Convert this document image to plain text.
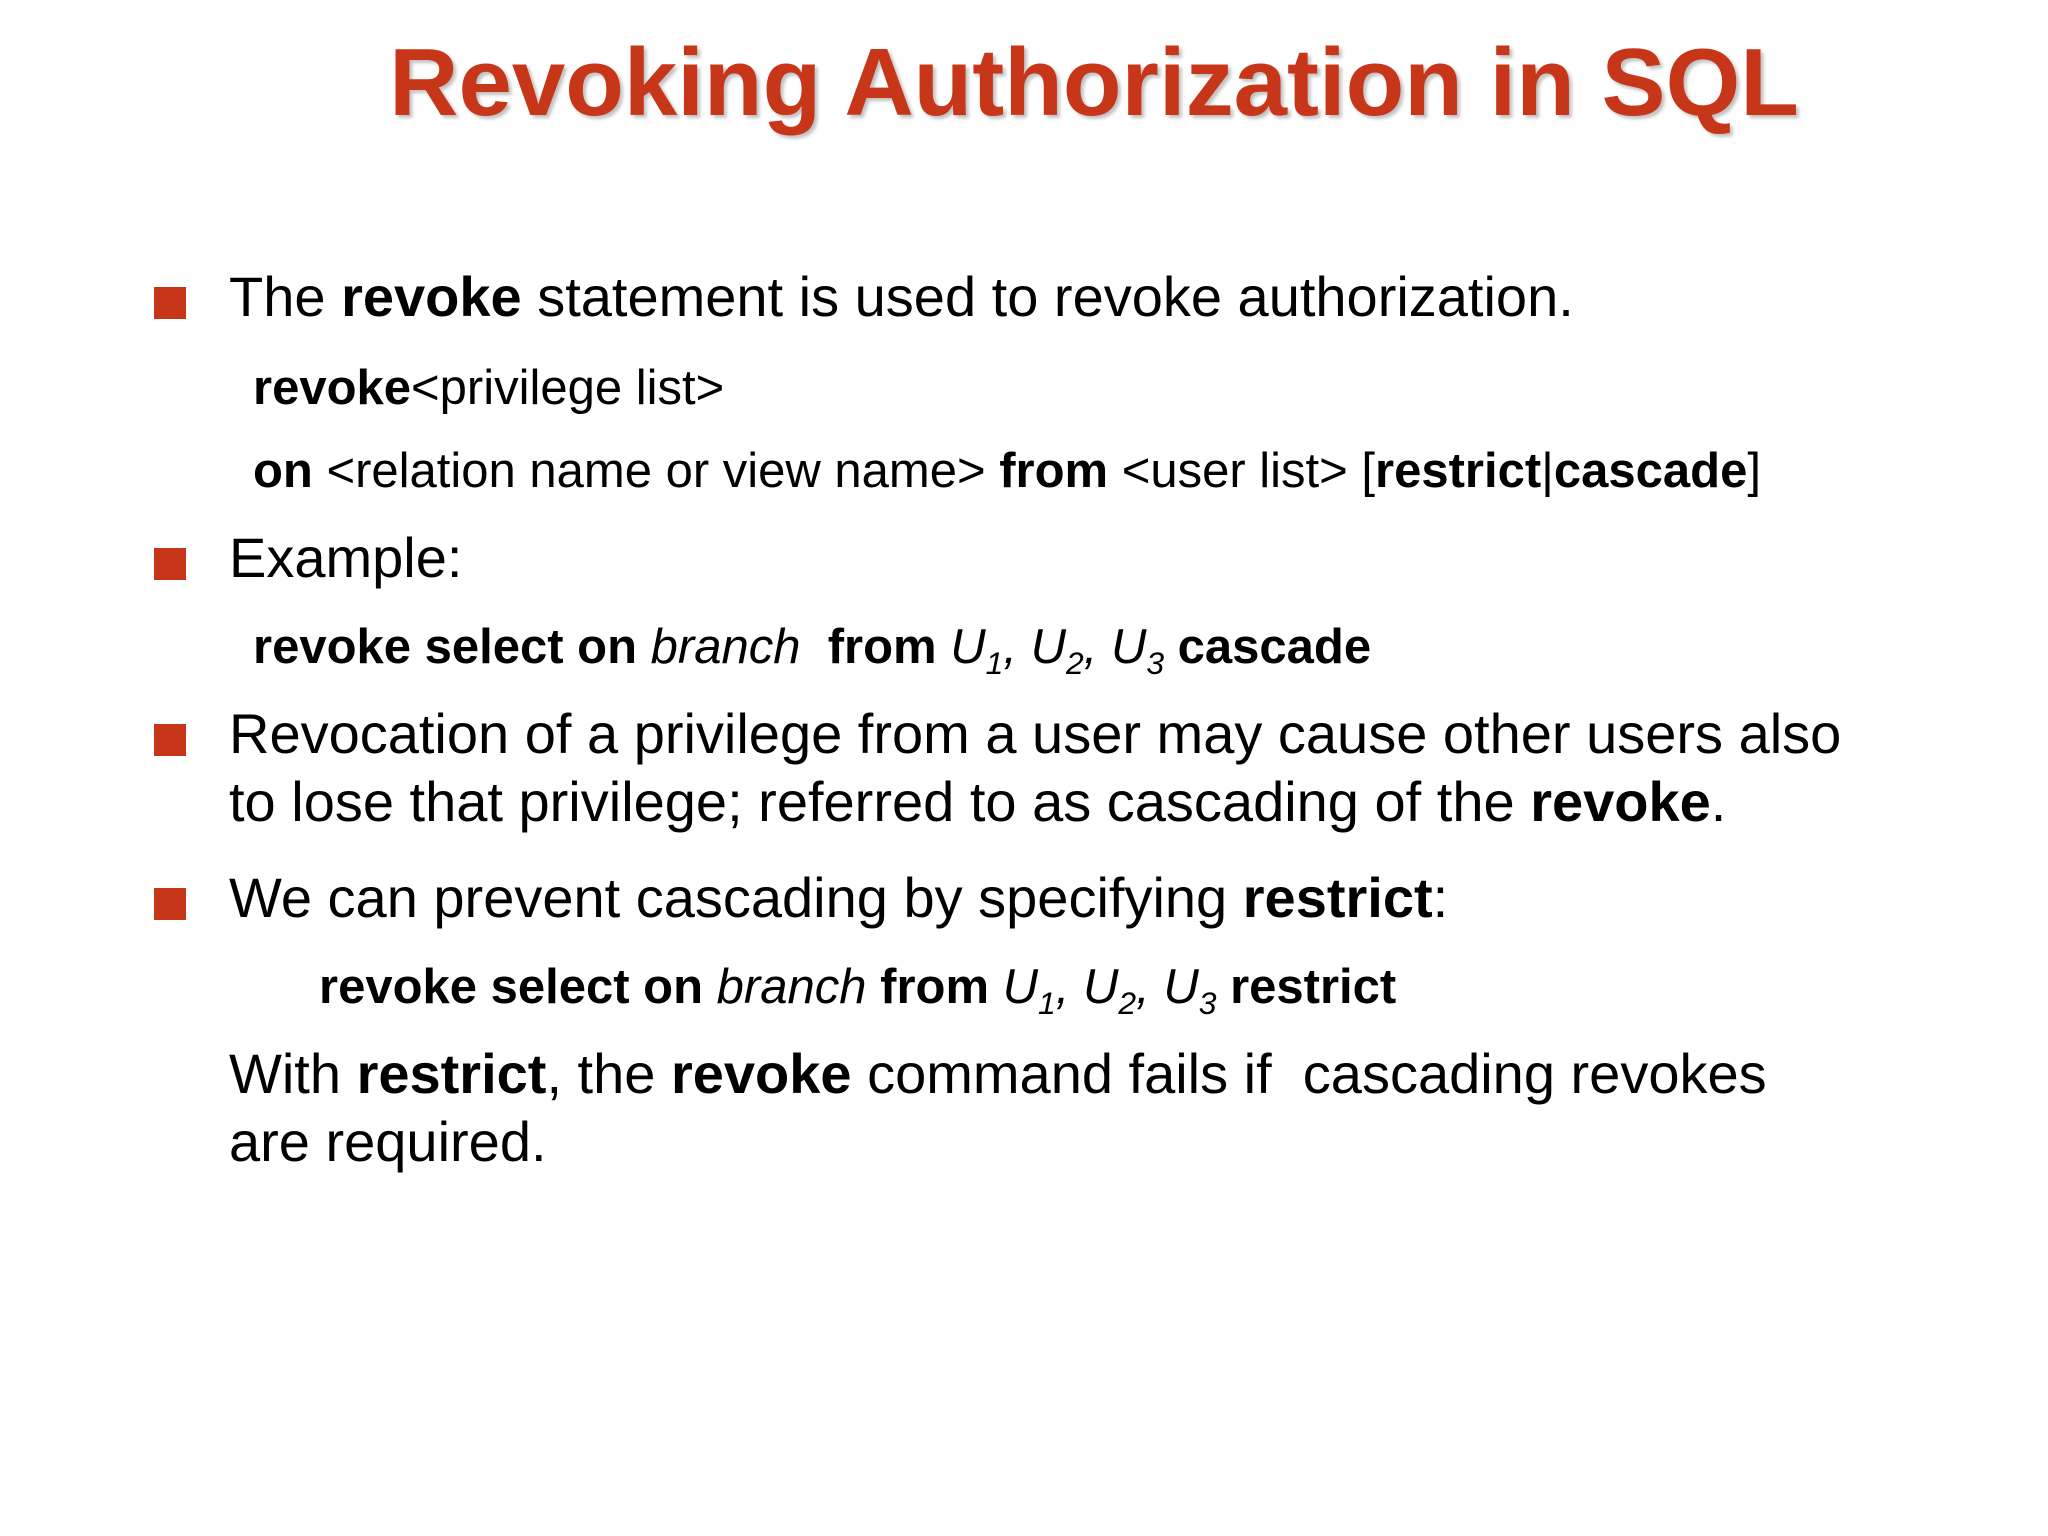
Revoking Authorization in SQL
The revoke statement is used to revoke authorization.
revoke<privilege list>
on <relation name or view name> from <user list> [restrict|cascade]
Example:
revoke select on branch from $U_1$, $U_2$, $U_3$ cascade
Revocation of a privilege from a user may cause other users also
to lose that privilege; referred to as cascading of the revoke.
We can prevent cascading by specifying restrict:
revoke select on branch from $U_1$, $U_2$, $U_3$ restrict
With restrict, the revoke command fails if  cascading revokes
are required.
